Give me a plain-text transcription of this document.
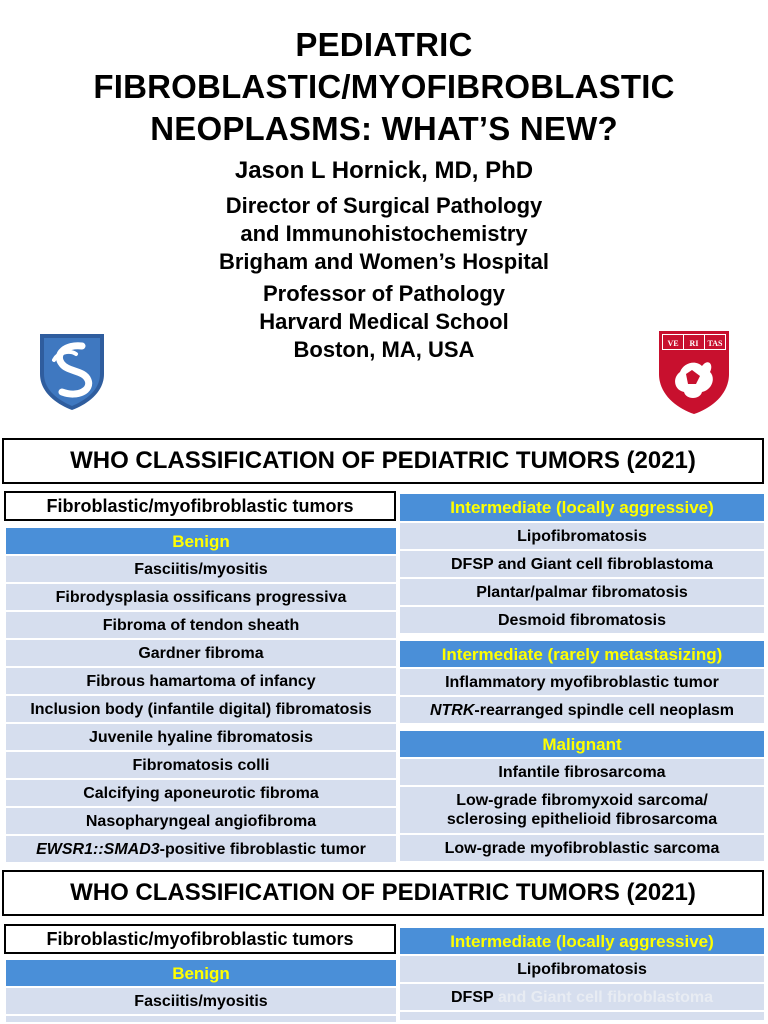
PEDIATRIC
FIBROBLASTIC/MYOFIBROBLASTIC
NEOPLASMS: WHAT’S NEW?
Jason L Hornick, MD, PhD
Director of Surgical Pathology
and Immunohistochemistry
Brigham and Women’s Hospital
Professor of Pathology
Harvard Medical School
Boston, MA, USA	VE RI TAS
WHO CLASSIFICATION OF PEDIATRIC TUMORS (2021)
Fibroblastic/myofibroblastic tumors
Benign
Fasciitis/myositis
Fibrodysplasia ossificans progressiva
Fibroma of tendon sheath
Gardner fibroma
Fibrous hamartoma of infancy
Inclusion body (infantile digital) fibromatosis
Juvenile hyaline fibromatosis
Fibromatosis colli
Calcifying aponeurotic fibroma
Nasopharyngeal angiofibroma
EWSR1::SMAD3-positive fibroblastic tumor
Intermediate (locally aggressive)
Lipofibromatosis
DFSP and Giant cell fibroblastoma
Plantar/palmar fibromatosis
Desmoid fibromatosis
Intermediate (rarely metastasizing)
Inflammatory myofibroblastic tumor
NTRK-rearranged spindle cell neoplasm
Malignant
Infantile fibrosarcoma
Low-grade fibromyxoid sarcoma/
sclerosing epithelioid fibrosarcoma
Low-grade myofibroblastic sarcoma
WHO CLASSIFICATION OF PEDIATRIC TUMORS (2021)
Fibroblastic/myofibroblastic tumors
Benign
Fasciitis/myositis
Intermediate (locally aggressive)
Lipofibromatosis
DFSP and Giant cell fibroblastoma
